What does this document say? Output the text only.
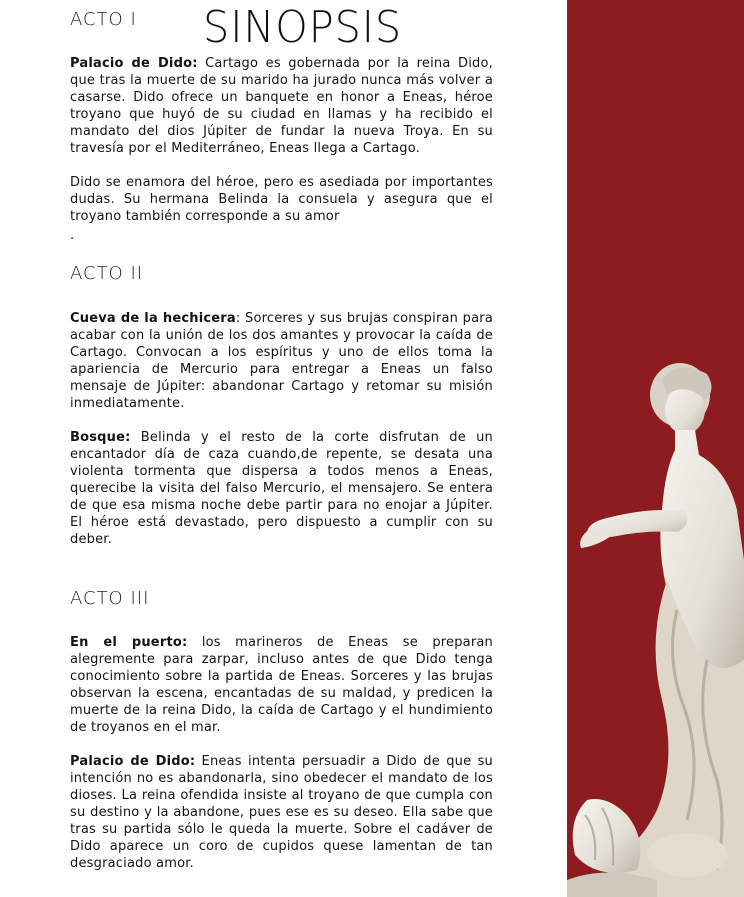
SINOPSIS
ACTO I

Palacio de Dido: Cartago es gobernada por la reina Dido, que tras la muerte de su marido ha jurado nunca más volver a casarse. Dido ofrece un banquete en honor a Eneas, héroe troyano que huyó de su ciudad en llamas y ha recibido el mandato del dios Júpiter de fundar la nueva Troya. En su travesía por el Mediterráneo, Eneas llega a Cartago.

Dido se enamora del héroe, pero es asediada por importantes dudas. Su hermana Belinda la consuela y asegura que el troyano también corresponde a su amor

.

ACTO II

Cueva de la hechicera: Sorceres y sus brujas conspiran para acabar con la unión de los dos amantes y provocar la caída de Cartago. Convocan a los espíritus y uno de ellos toma la apariencia de Mercurio para entregar a Eneas un falso mensaje de Júpiter: abandonar Cartago y retomar su misión inmediatamente.

Bosque: Belinda y el resto de la corte disfrutan de un encantador día de caza cuando,de repente, se desata una violenta tormenta que dispersa a todos menos a Eneas, querecibe la visita del falso Mercurio, el mensajero. Se entera de que esa misma noche debe partir para no enojar a Júpiter. El héroe está devastado, pero dispuesto a cumplir con su deber.

ACTO III

En el puerto: los marineros de Eneas se preparan alegremente para zarpar, incluso antes de que Dido tenga conocimiento sobre la partida de Eneas. Sorceres y las brujas observan la escena, encantadas de su maldad, y predicen la muerte de la reina Dido, la caída de Cartago y el hundimiento de troyanos en el mar.

Palacio de Dido: Eneas intenta persuadir a Dido de que su intención no es abandonarla, sino obedecer el mandato de los dioses. La reina ofendida insiste al troyano de que cumpla con su destino y la abandone, pues ese es su deseo. Ella sabe que tras su partida sólo le queda la muerte. Sobre el cadáver de Dido aparece un coro de cupidos quese lamentan de tan desgraciado amor.
